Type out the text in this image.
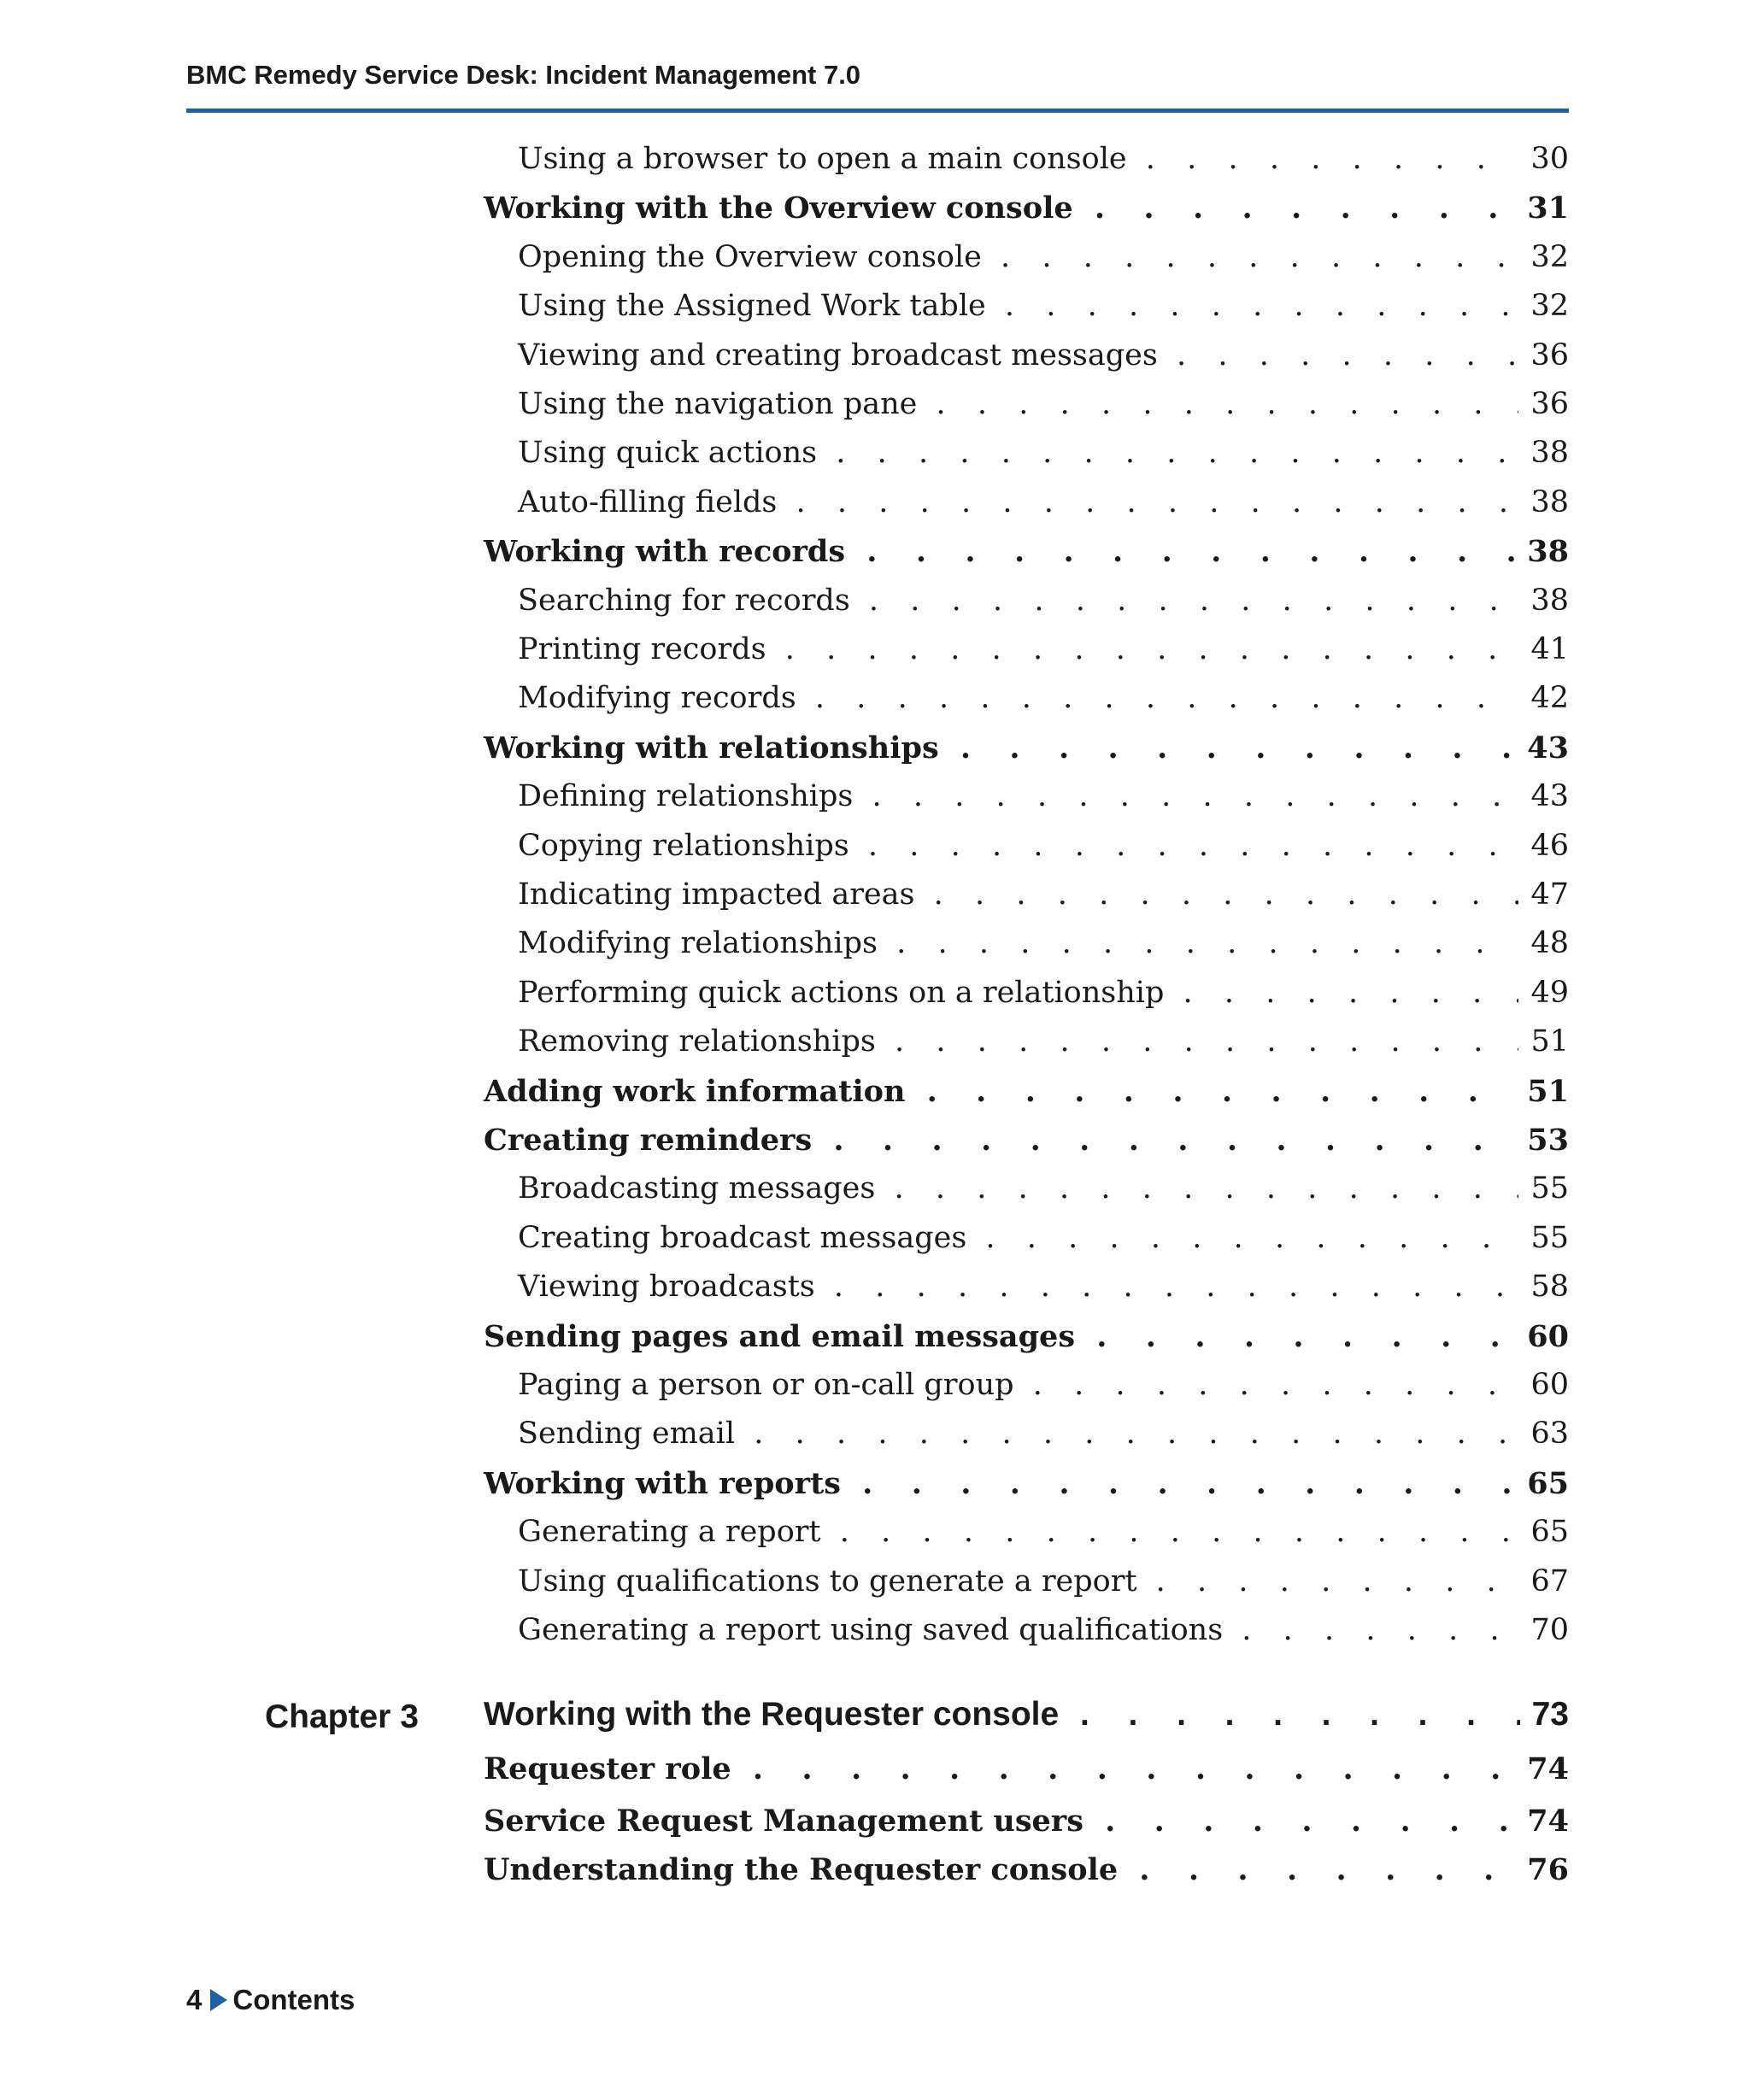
BMC Remedy Service Desk: Incident Management 7.0
Using a browser to open a main console . .	30
Working with the Overview console . .	31
Opening the Overview console . .	32
Using the Assigned Work table . .	32
Viewing and creating broadcast messages . .	36
Using the navigation pane . .	36
Using quick actions . .	38
Auto-filling fields . .	38
Working with records . .	38
Searching for records . .	38
Printing records . .	41
Modifying records . .	42
Working with relationships . .	43
Defining relationships . .	43
Copying relationships . .	46
Indicating impacted areas . .	47
Modifying relationships . .	48
Performing quick actions on a relationship . .	49
Removing relationships . .	51
Adding work information . .	51
Creating reminders . .	53
Broadcasting messages . .	55
Creating broadcast messages . .	55
Viewing broadcasts . .	58
Sending pages and email messages . .	60
Paging a person or on-call group . .	60
Sending email . .	63
Working with reports . .	65
Generating a report . .	65
Using qualifications to generate a report . .	67
Generating a report using saved qualifications . .	70
Chapter 3 Working with the Requester console . .	73
Requester role . .	74
Service Request Management users . .	74
Understanding the Requester console . .	76
4 Contents
